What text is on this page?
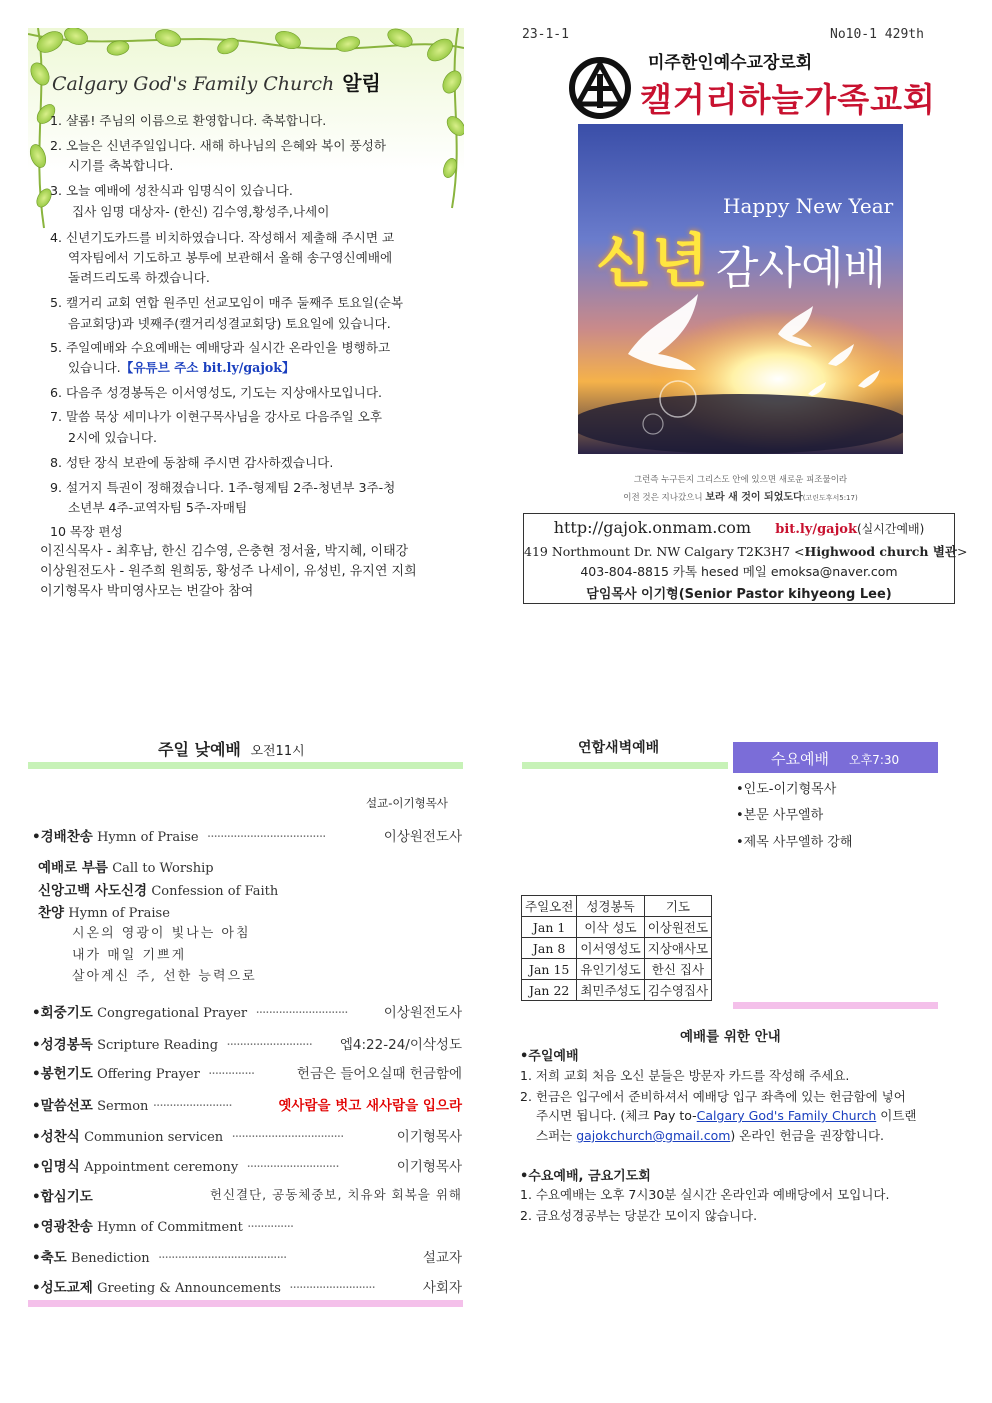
Calgary God's Family Church 알림
1. 샬롬! 주님의 이름으로 환영합니다. 축복합니다.
2. 오늘은 신년주일입니다. 새해 하나님의 은혜와 복이 풍성하
시기를 축복합니다.
3. 오늘 예배에 성찬식과 임명식이 있습니다.
집사 임명 대상자- (한신) 김수영,황성주,나세이
4. 신년기도카드를 비치하였습니다. 작성해서 제출해 주시면 교
역자팀에서 기도하고 봉투에 보관해서 올해 송구영신예배에
돌려드리도록 하겠습니다.
5. 캘거리 교회 연합 원주민 선교모임이 매주 둘째주 토요일(순복
음교회당)과 넷째주(캘거리성결교회당) 토요일에 있습니다.
5. 주일예배와 수요예배는 예배당과 실시간 온라인을 병행하고
있습니다.【유튜브 주소 bit.ly/gajok】
6. 다음주 성경봉독은 이서영성도, 기도는 지상애사모입니다.
7. 말씀 묵상 세미나가 이현구목사님을 강사로 다음주일 오후
2시에 있습니다.
8. 성탄 장식 보관에 동참해 주시면 감사하겠습니다.
9. 설거지 특권이 정해졌습니다. 1주-형제팀 2주-청년부 3주-청
소년부 4주-교역자팀 5주-자매팀
10 목장 편성
이진식목사 - 최후남, 한신 김수영, 은충현 정서율, 박지혜, 이태강
이상원전도사 - 원주희 원희동, 황성주 나세이, 유성빈, 유지연 지희
이기형목사 박미영사모는 번갈아 참여
23-1-1	No10-1 429th
미주한인예수교장로회
캘거리하늘가족교회
Happy New Year
신년 감사예배
그런즉 누구든지 그리스도 안에 있으면 새로운 피조물이라
이전 것은 지나갔으니 보라 새 것이 되었도다(고린도후서5:17)
http://gajok.onmam.com bit.ly/gajok(실시간예배)
419 Northmount Dr. NW Calgary T2K3H7 <Highwood church 별관>
403-804-8815 카톡 hesed 메일 emoksa@naver.com
담임목사 이기형(Senior Pastor kihyeong Lee)
주일 낮예배 오전11시
설교-이기형목사
•경배찬송 Hymn of Praise ····································	이상원전도사
예배로 부름 Call to Worship
신앙고백 사도신경 Confession of Faith
찬양 Hymn of Praise
시온의 영광이 빛나는 아침
내가 매일 기쁘게
살아계신 주, 선한 능력으로
•회중기도 Congregational Prayer ····························	이상원전도사
•성경봉독 Scripture Reading ·························· 엡4:22-24/이삭성도
•봉헌기도 Offering Prayer ··············	헌금은 들어오실때 헌금함에
•말씀선포 Sermon ························	옛사람을 벗고 새사람을 입으라
•성찬식 Communion servicen ··································	이기형목사
•임명식 Appointment ceremony ····························	이기형목사
•합심기도	헌신결단, 공동체중보, 치유와 회복을 위해
•영광찬송 Hymn of Commitment ··············
•축도 Benediction ·······································	설교자
•성도교제 Greeting & Announcements ··························	사회자
연합새벽예배
수요예배 오후7:30
•인도-이기형목사
•본문 사무엘하
•제목 사무엘하 강해
주일오전	성경봉독	기도
Jan 1	이삭 성도	이상원전도
Jan 8	이서영성도	지상애사모
Jan 15	유인기성도	한신 집사
Jan 22	최민주성도	김수영집사
예배를 위한 안내
•주일예배
1. 저희 교회 처음 오신 분들은 방문자 카드를 작성해 주세요.
2. 헌금은 입구에서 준비하셔서 예배당 입구 좌측에 있는 헌금함에 넣어
주시면 됩니다. (체크 Pay to-Calgary God's Family Church 이트랜
스퍼는 gajokchurch@gmail.com) 온라인 헌금을 권장합니다.
•수요예배, 금요기도회
1. 수요예배는 오후 7시30분 실시간 온라인과 예배당에서 모입니다.
2. 금요성경공부는 당분간 모이지 않습니다.
